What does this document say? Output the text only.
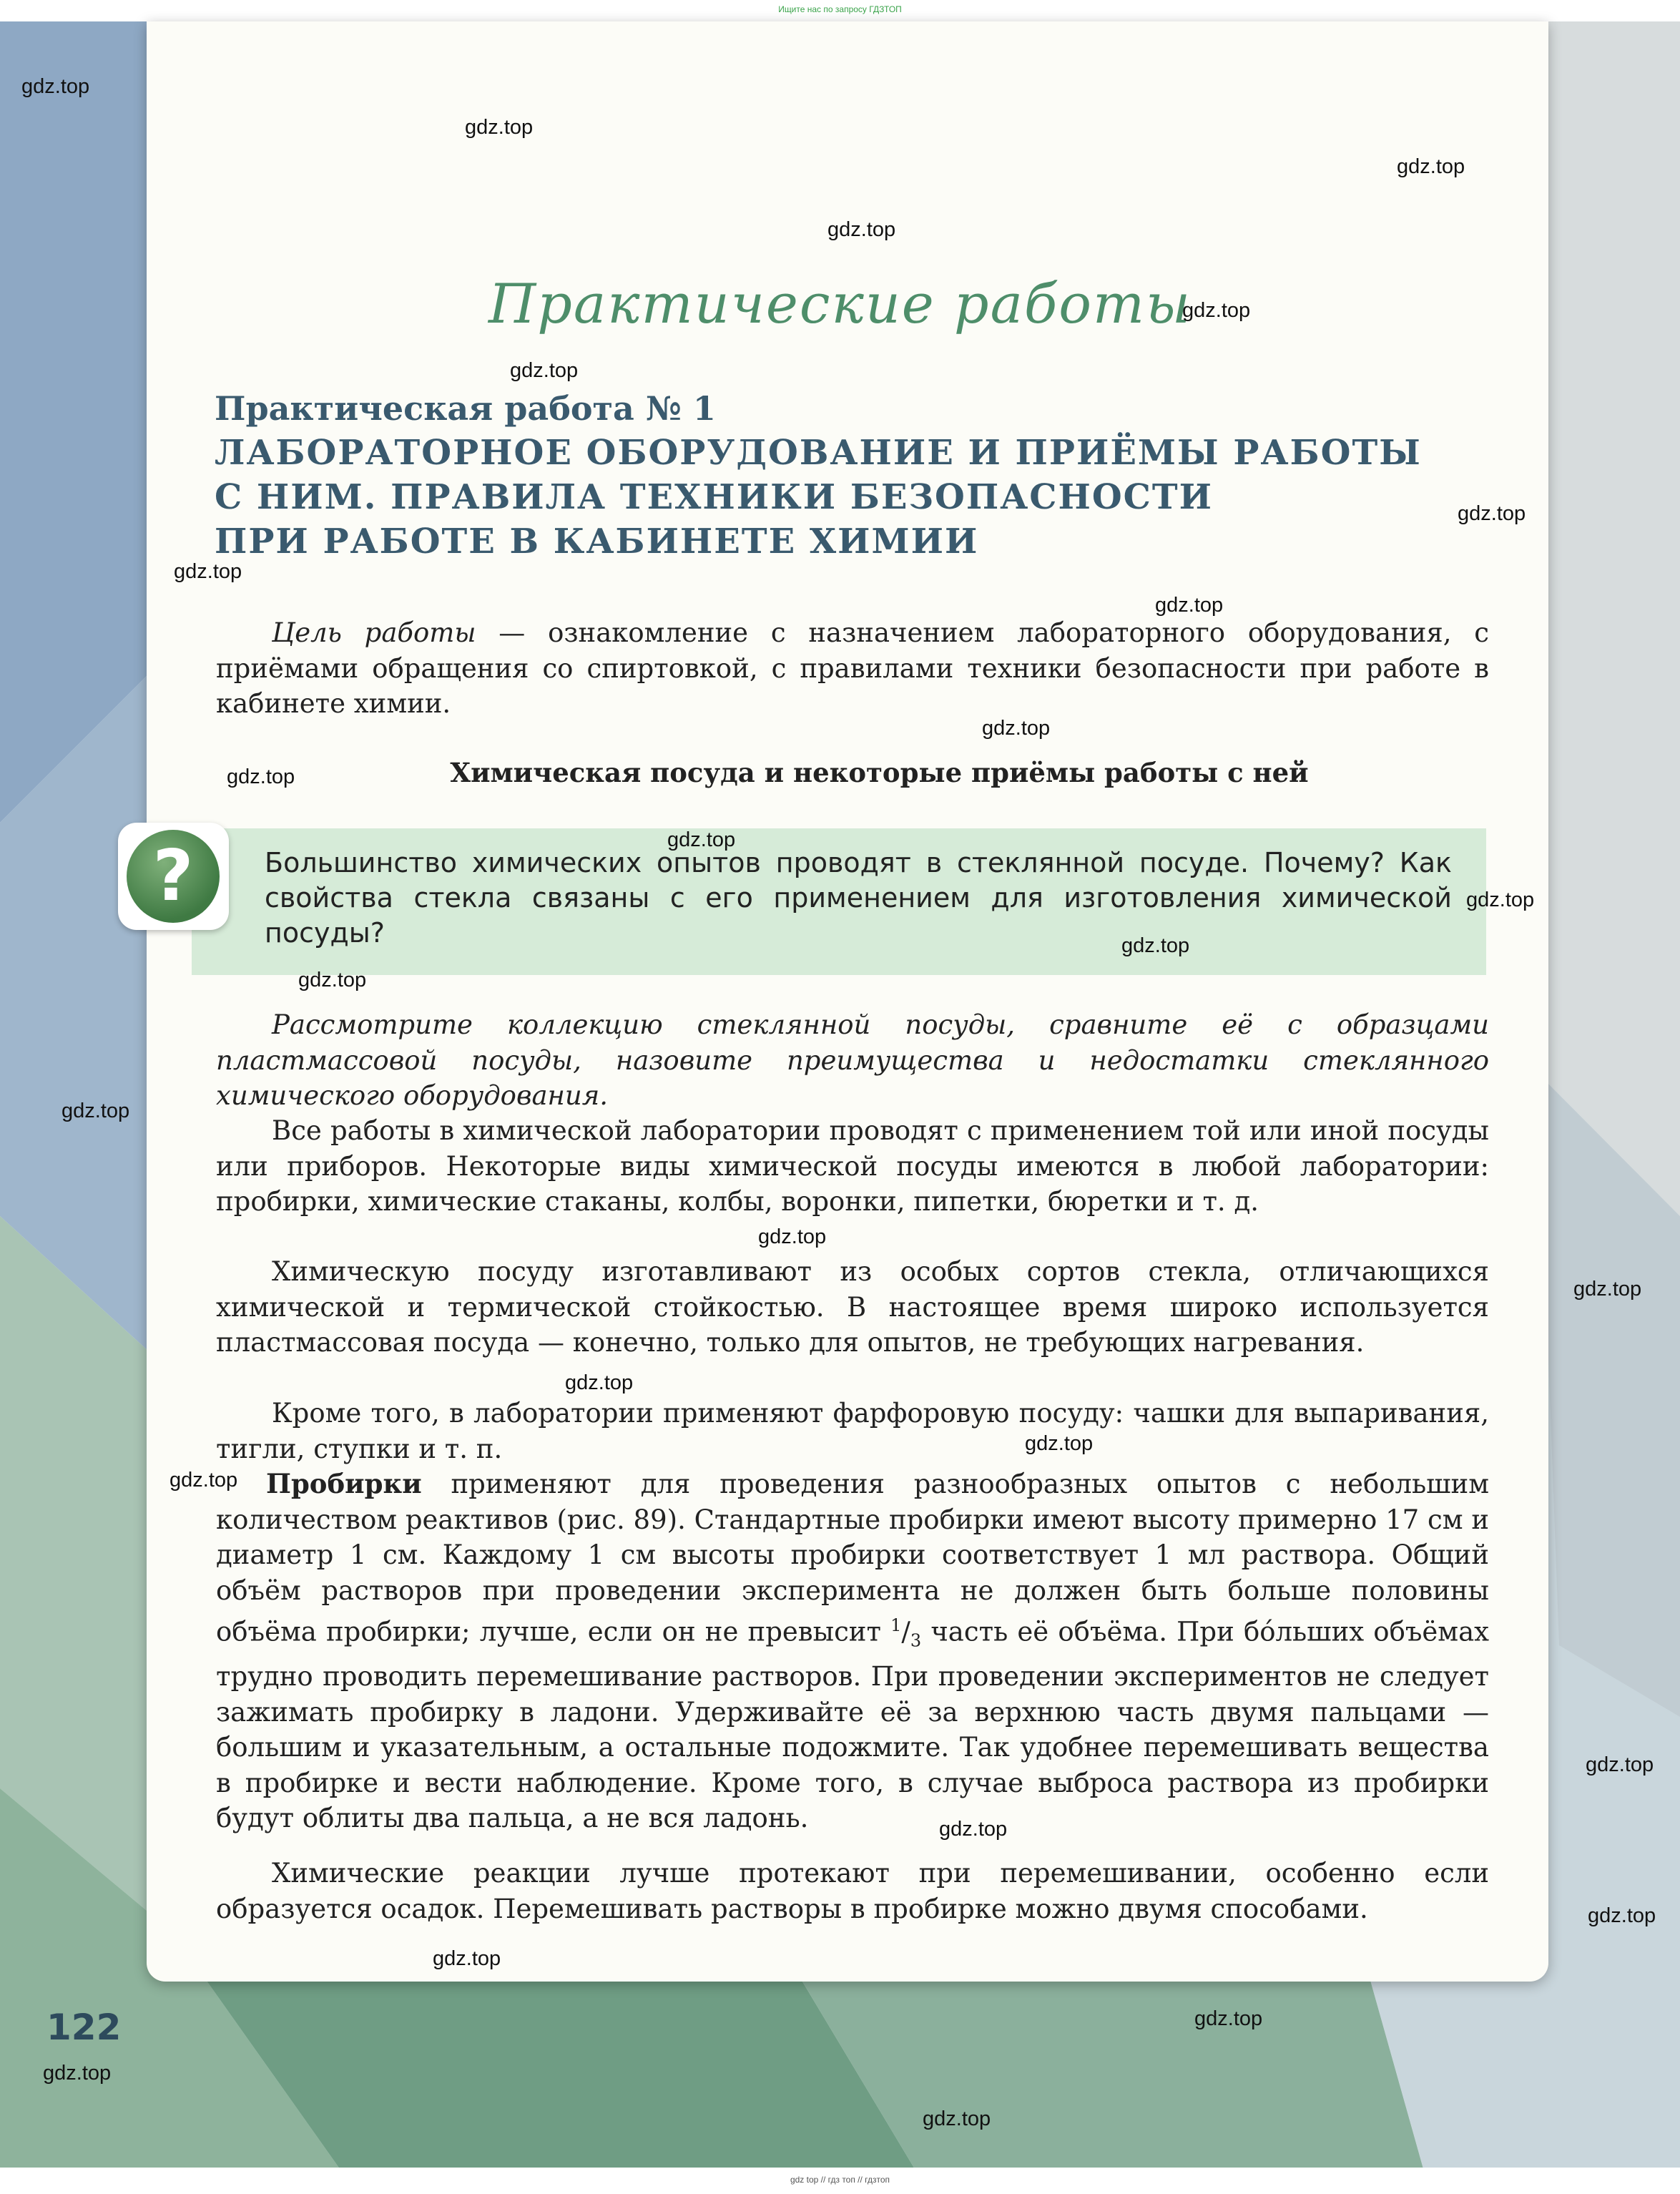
Ищите нас по запросу ГДЗТОП
Практические работы
Практическая работа № 1
ЛАБОРАТОРНОЕ ОБОРУДОВАНИЕ И ПРИЁМЫ РАБОТЫ
С НИМ. ПРАВИЛА ТЕХНИКИ БЕЗОПАСНОСТИ
ПРИ РАБОТЕ В КАБИНЕТЕ ХИМИИ
Цель работы — ознакомление с назначением лабораторного оборудования, с приёмами обращения со спиртовкой, с правилами техники безопасности при работе в кабинете химии.
Химическая посуда и некоторые приёмы работы с ней
?	Большинство химических опытов проводят в стеклянной посуде. Почему? Как свойства стекла связаны с его применением для изготовления химической посуды?
Рассмотрите коллекцию стеклянной посуды, сравните её с образцами пластмассовой посуды, назовите преимущества и недостатки стеклянного химического оборудования.
Все работы в химической лаборатории проводят с применением той или иной посуды или приборов. Некоторые виды химической посуды имеются в любой лаборатории: пробирки, химические стаканы, колбы, воронки, пипетки, бюретки и т. д.
Химическую посуду изготавливают из особых сортов стекла, отличающихся химической и термической стойкостью. В настоящее время широко используется пластмассовая посуда — конечно, только для опытов, не требующих нагревания.
Кроме того, в лаборатории применяют фарфоровую посуду: чашки для выпаривания, тигли, ступки и т. п.
Пробирки применяют для проведения разнообразных опытов с небольшим количеством реактивов (рис. 89). Стандартные пробирки имеют высоту примерно 17 см и диаметр 1 см. Каждому 1 см высоты пробирки соответствует 1 мл раствора. Общий объём растворов при проведении эксперимента не должен быть больше половины объёма пробирки; лучше, если он не превысит $^1/_3$ часть её объёма. При бóльших объёмах трудно проводить перемешивание растворов. При проведении экспериментов не следует зажимать пробирку в ладони. Удерживайте её за верхнюю часть двумя пальцами — большим и указательным, а остальные подожмите. Так удобнее перемешивать вещества в пробирке и вести наблюдение. Кроме того, в случае выброса раствора из пробирки будут облиты два пальца, а не вся ладонь.
Химические реакции лучше протекают при перемешивании, особенно если образуется осадок. Перемешивать растворы в пробирке можно двумя способами.
122
gdz.top
gdz.top
gdz.top
gdz.top
gdz.top
gdz.top
gdz.top
gdz.top
gdz.top
gdz.top
gdz.top
gdz.top
gdz.top
gdz.top
gdz.top
gdz.top
gdz.top
gdz.top
gdz.top
gdz.top
gdz.top
gdz.top
gdz.top
gdz.top
gdz.top
gdz.top
gdz.top
gdz.top
gdz top // гдз топ // гдзтоп
